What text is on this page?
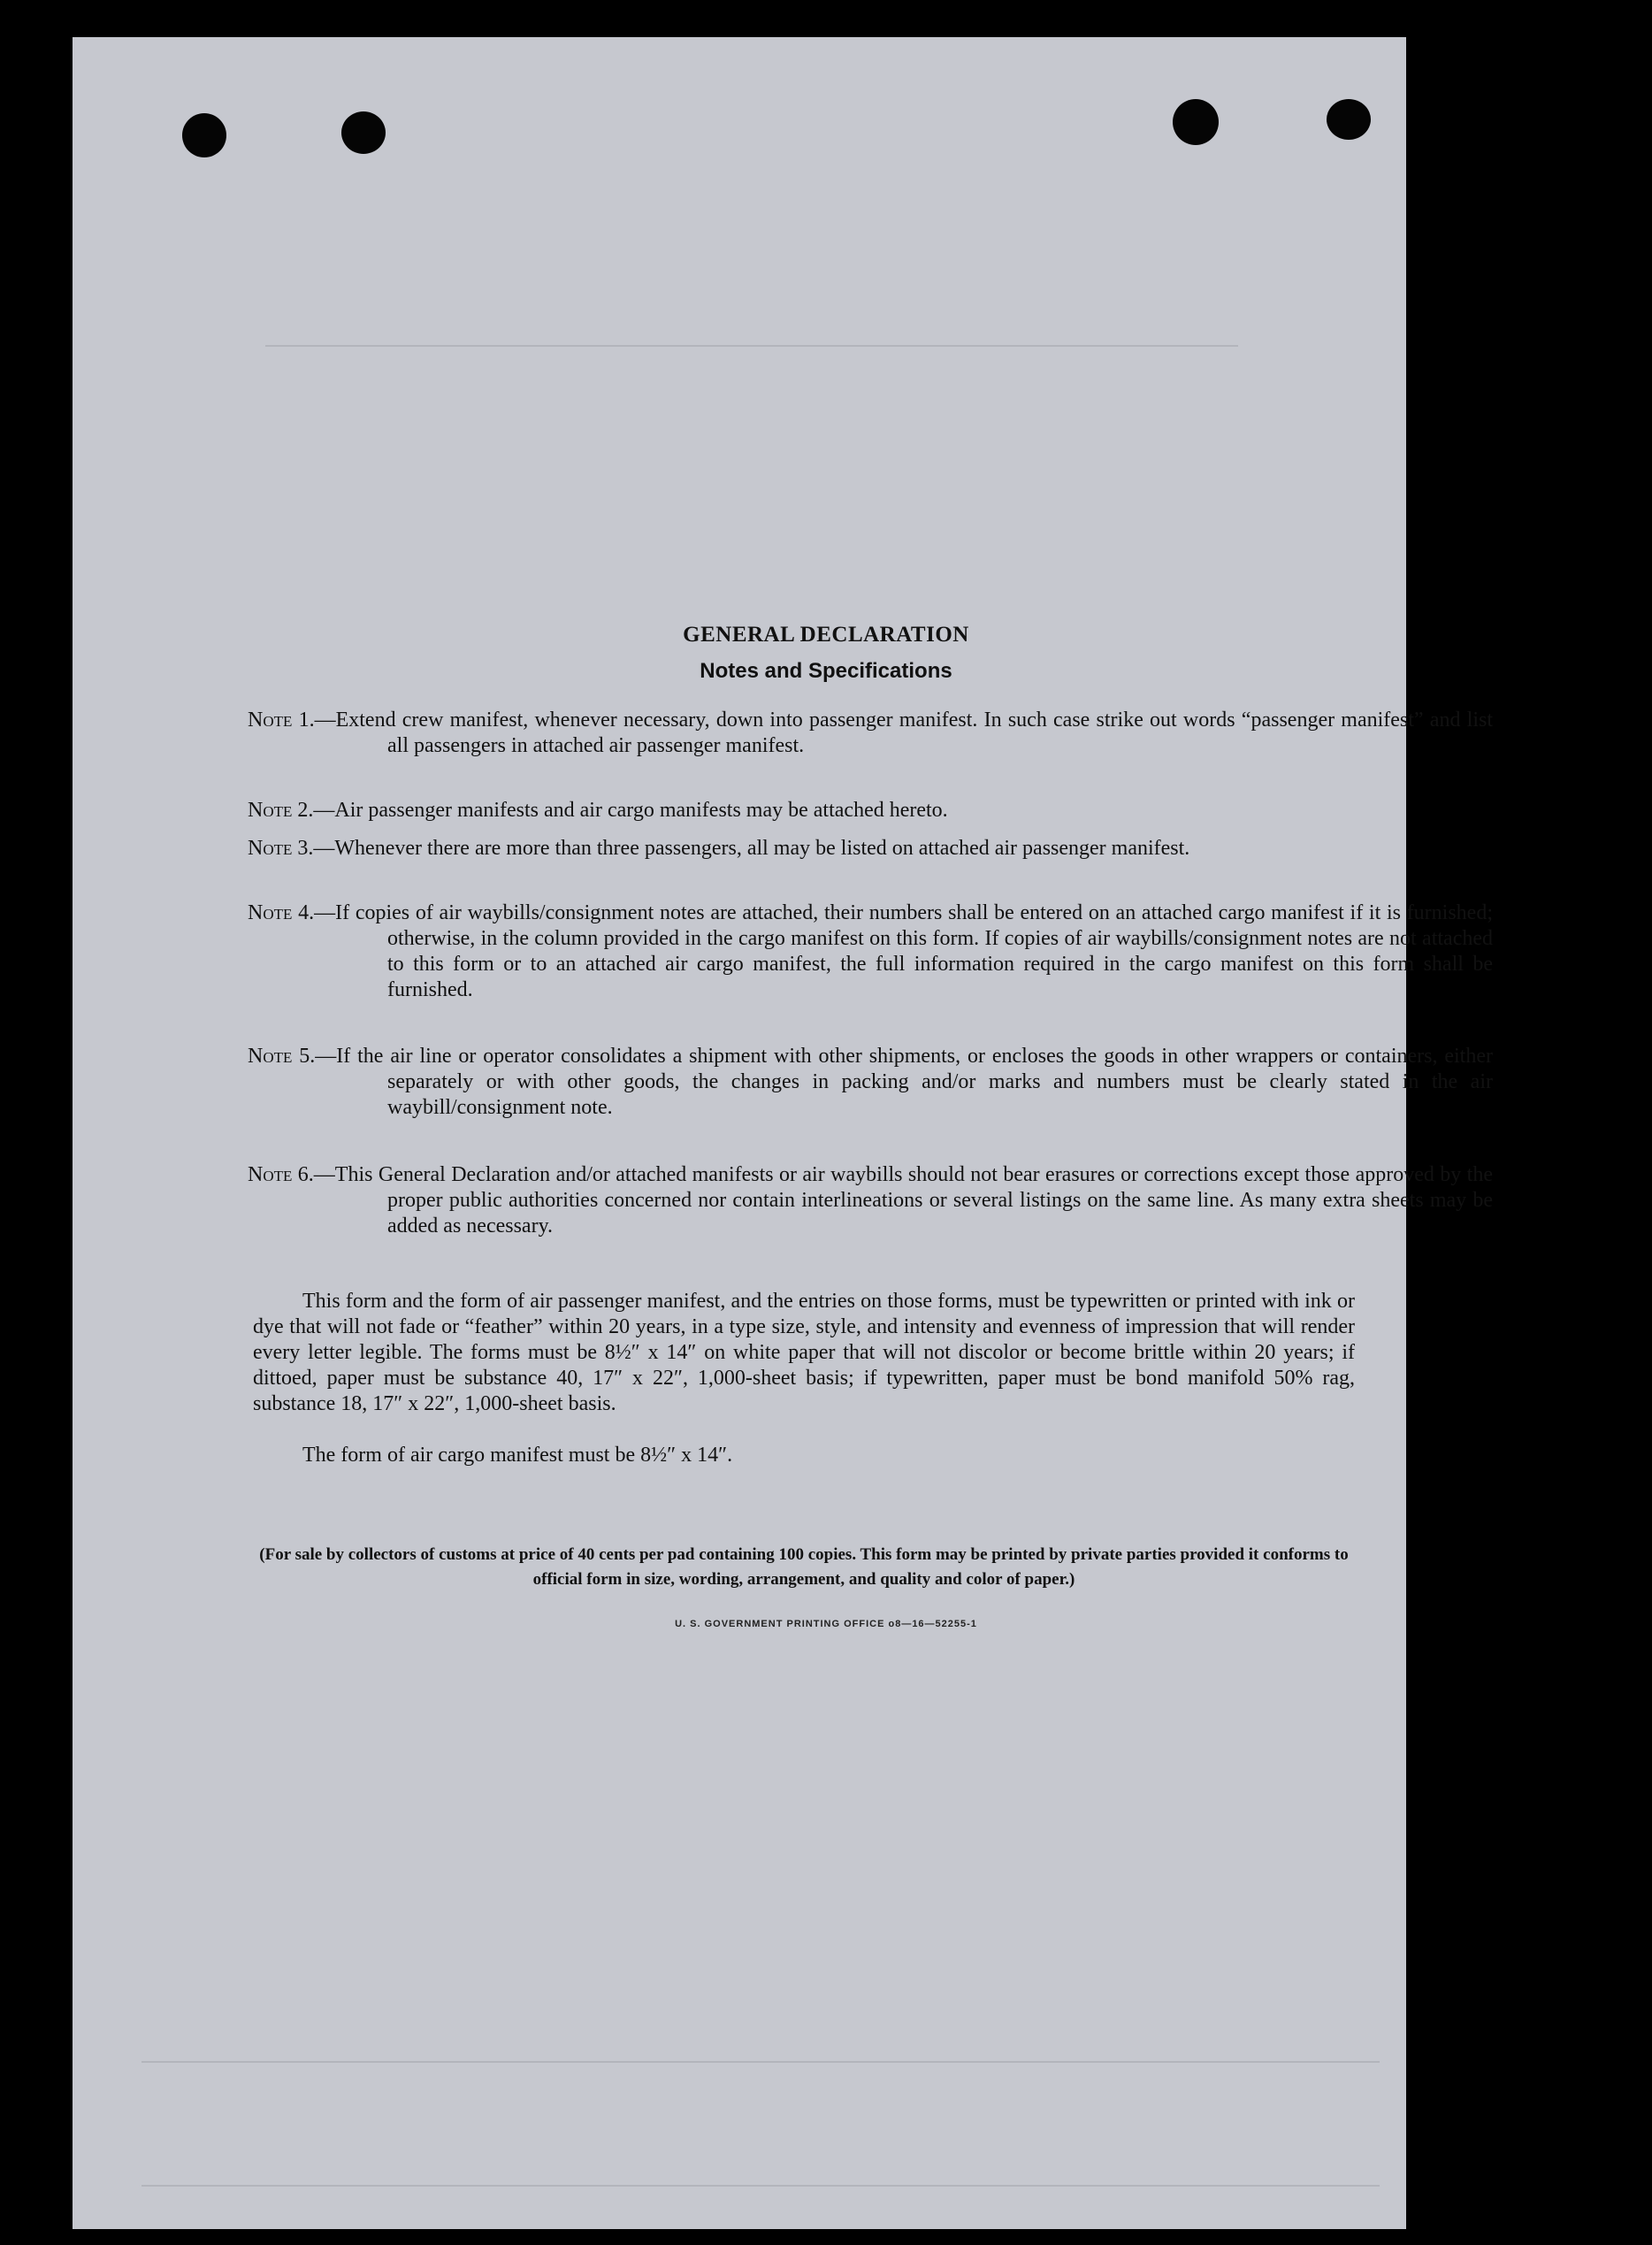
GENERAL DECLARATION
Notes and Specifications
Note 1.—Extend crew manifest, whenever necessary, down into passenger manifest. In such case strike out words “passenger manifest” and list all passengers in attached air passenger manifest.
Note 2.—Air passenger manifests and air cargo manifests may be attached hereto.
Note 3.—Whenever there are more than three passengers, all may be listed on attached air passenger manifest.
Note 4.—If copies of air waybills/consignment notes are attached, their numbers shall be entered on an attached cargo manifest if it is furnished; otherwise, in the column provided in the cargo manifest on this form. If copies of air waybills/consignment notes are not attached to this form or to an attached air cargo manifest, the full information required in the cargo manifest on this form shall be furnished.
Note 5.—If the air line or operator consolidates a shipment with other shipments, or encloses the goods in other wrappers or containers, either separately or with other goods, the changes in packing and/or marks and numbers must be clearly stated in the air waybill/consignment note.
Note 6.—This General Declaration and/or attached manifests or air waybills should not bear erasures or corrections except those approved by the proper public authorities concerned nor contain interlineations or several listings on the same line. As many extra sheets may be added as necessary.
This form and the form of air passenger manifest, and the entries on those forms, must be typewritten or printed with ink or dye that will not fade or “feather” within 20 years, in a type size, style, and intensity and evenness of impression that will render every letter legible. The forms must be 8½″ x 14″ on white paper that will not discolor or become brittle within 20 years; if dittoed, paper must be substance 40, 17″ x 22″, 1,000-sheet basis; if typewritten, paper must be bond manifold 50% rag, substance 18, 17″ x 22″, 1,000-sheet basis.
The form of air cargo manifest must be 8½″ x 14″.
(For sale by collectors of customs at price of 40 cents per pad containing 100 copies. This form may be printed by private parties provided it conforms to official form in size, wording, arrangement, and quality and color of paper.)
U. S. GOVERNMENT PRINTING OFFICE o8—16—52255-1
